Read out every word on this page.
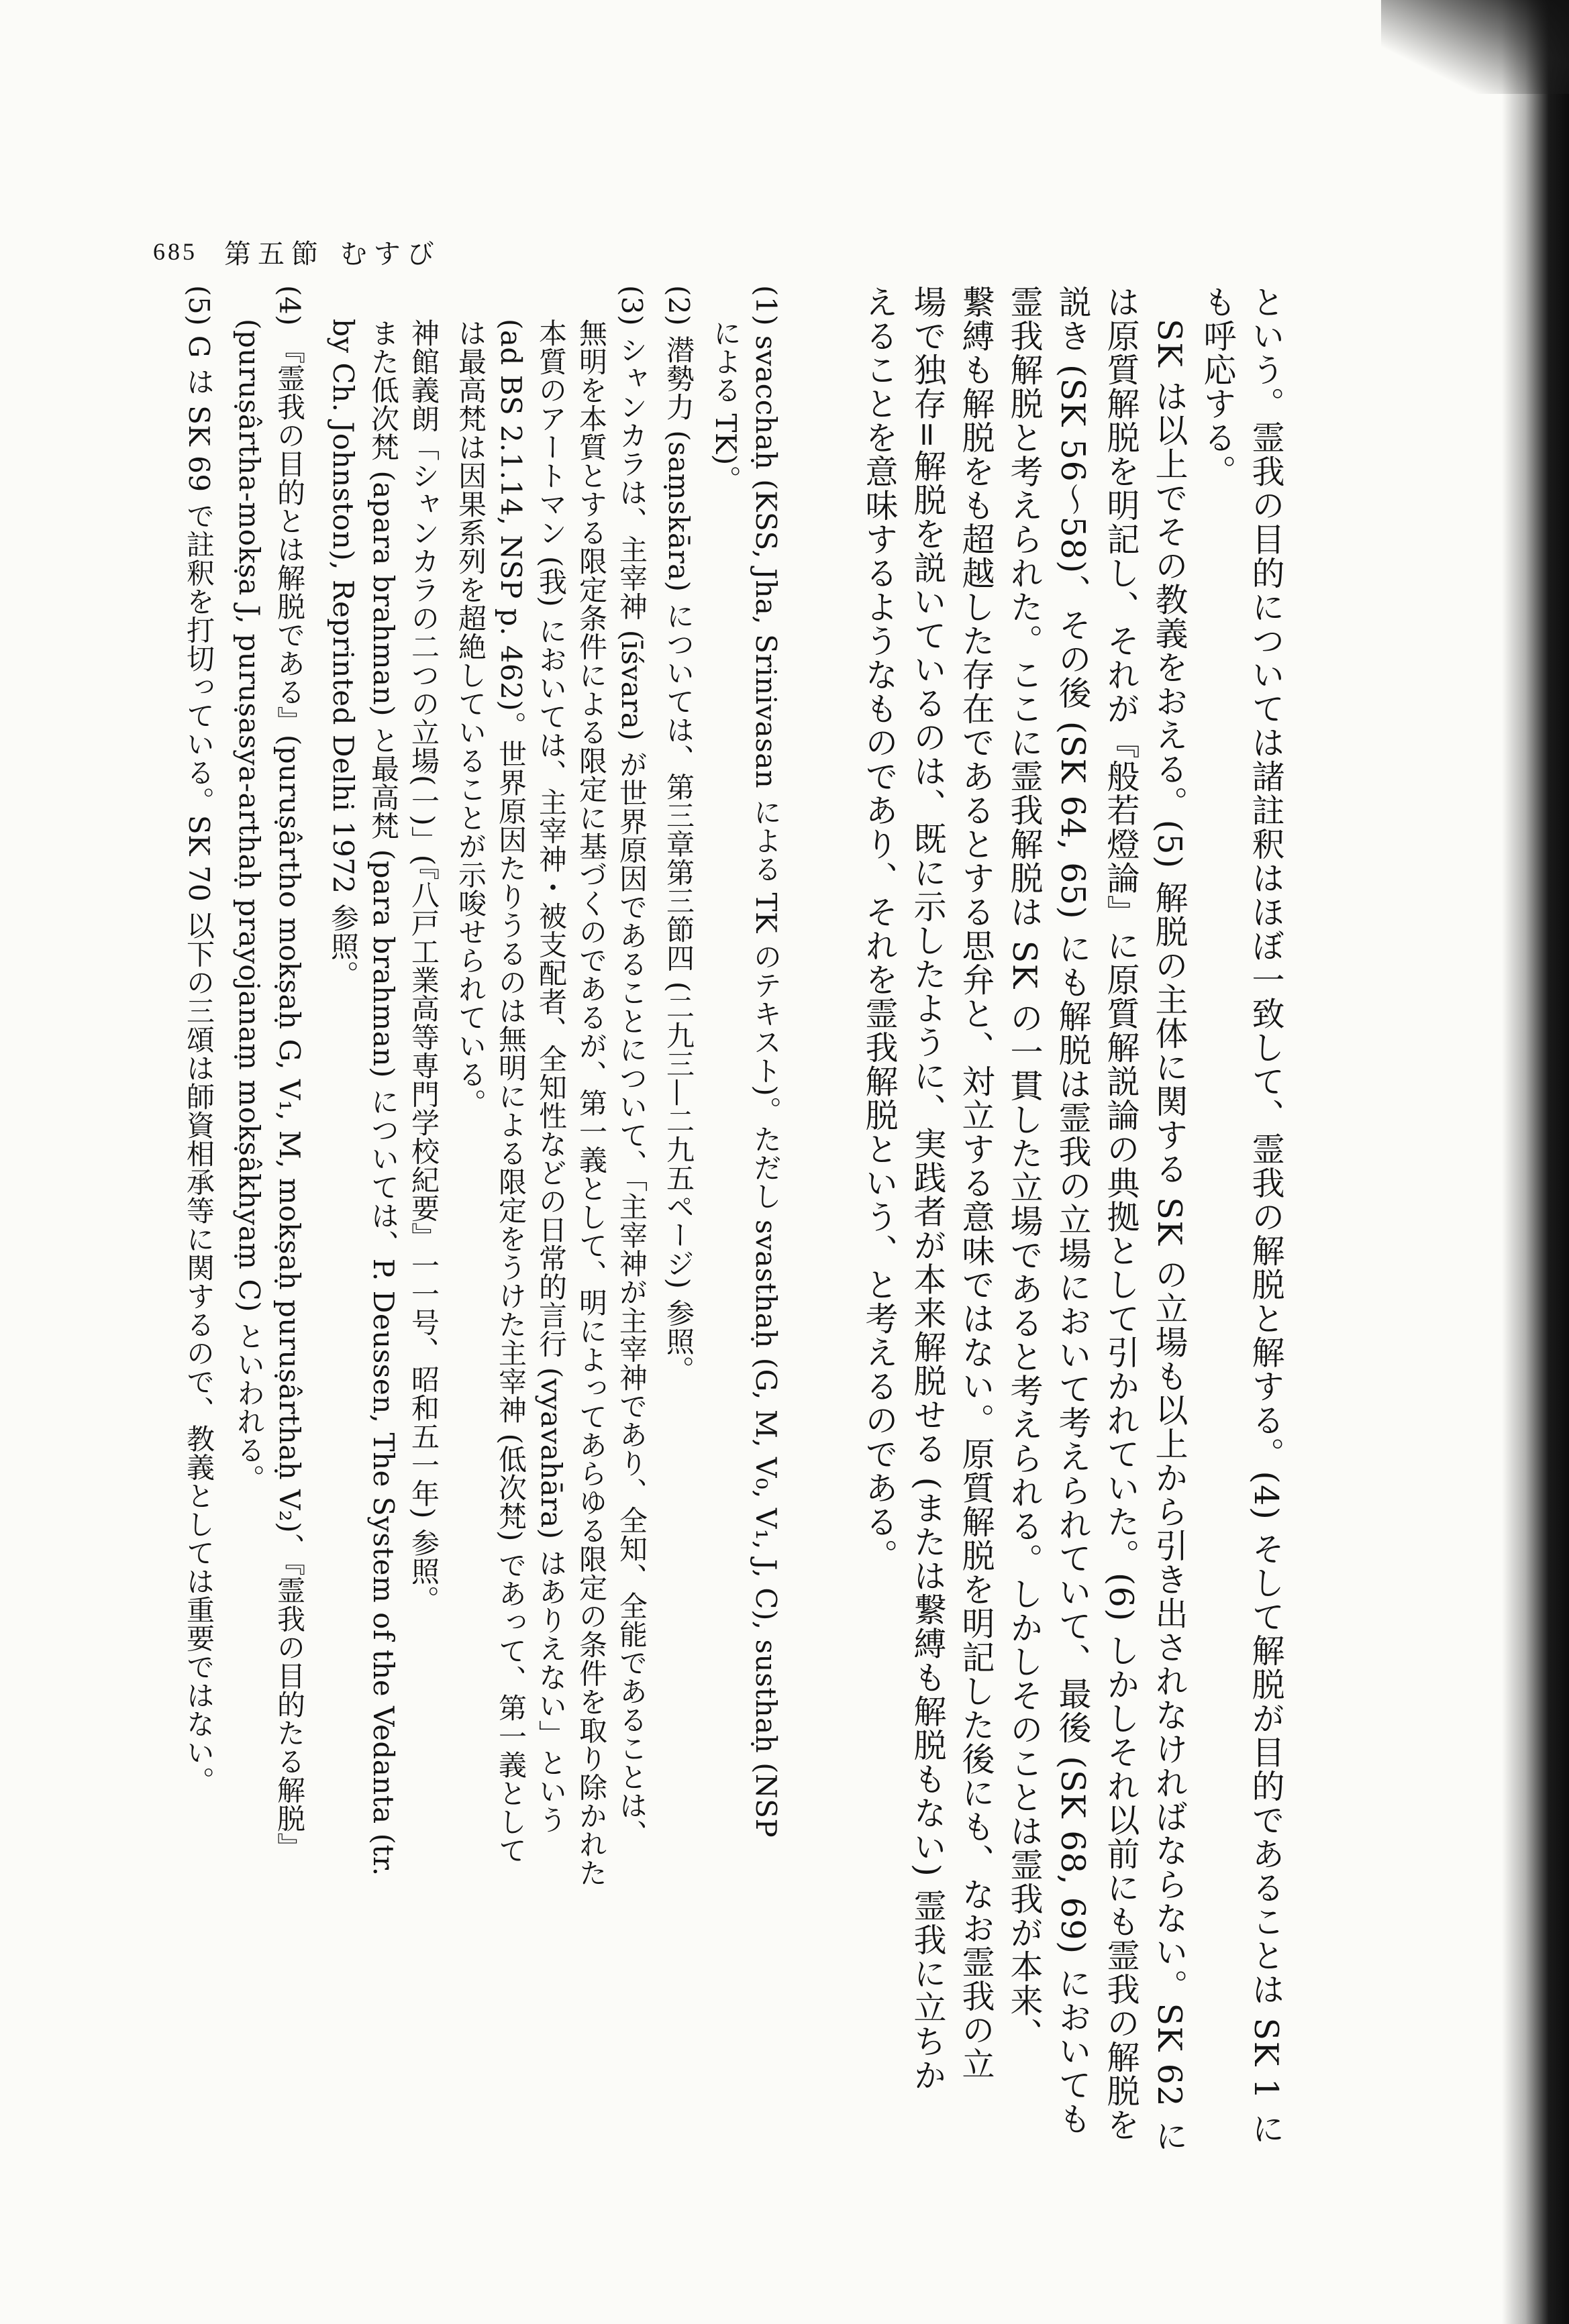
685 第五節 むすび
という。霊我の目的については諸註釈はほぼ一致して、霊我の解脱と解する。(4) そして解脱が目的であることは SK 1 に
も呼応する。
SK は以上でその教義をおえる。(5) 解脱の主体に関する SK の立場も以上から引き出されなければならない。SK 62 に
は原質解脱を明記し、それが『般若燈論』に原質解説論の典拠として引かれていた。(6) しかしそれ以前にも霊我の解脱を
説き (SK 56〜58)、その後 (SK 64, 65) にも解脱は霊我の立場において考えられていて、最後 (SK 68, 69) においても
霊我解脱と考えられた。ここに霊我解脱は SK の一貫した立場であると考えられる。しかしそのことは霊我が本来、
繋縛も解脱をも超越した存在であるとする思弁と、対立する意味ではない。原質解脱を明記した後にも、なお霊我の立
場で独存=解脱を説いているのは、既に示したように、実践者が本来解脱せる (または繋縛も解脱もない) 霊我に立ちか
えることを意味するようなものであり、それを霊我解脱という、と考えるのである。
(1) svacchaḥ (KSS, Jha, Srinivasan による TK のテキスト)。ただし svasthaḥ (G, M, V₀, V₁, J, C), susthaḥ (NSP
による TK)。
(2) 潜勢力 (saṃskāra) については、第三章第三節四 (二九三—二九五ページ) 参照。
(3) シャンカラは、主宰神 (īśvara) が世界原因であることについて、「主宰神が主宰神であり、全知、全能であることは、
無明を本質とする限定条件による限定に基づくのであるが、第一義として、明によってあらゆる限定の条件を取り除かれた
本質のアートマン (我) においては、主宰神・被支配者、全知性などの日常的言行 (vyavahāra) はありえない」という
(ad BS 2.1.14, NSP p. 462)。世界原因たりうるのは無明による限定をうけた主宰神 (低次梵) であって、第一義として
は最高梵は因果系列を超絶していることが示唆せられている。
神館義朗「シャンカラの二つの立場(一)」(『八戸工業高等専門学校紀要』一一号、昭和五一年) 参照。
また低次梵 (apara brahman) と最高梵 (para brahman) については、P. Deussen, The System of the Vedanta (tr.
by Ch. Johnston), Reprinted Delhi 1972 参照。
(4) 『霊我の目的とは解脱である』(puruṣârtho mokṣaḥ G, V₁, M, mokṣaḥ puruṣârthaḥ V₂)、『霊我の目的たる解脱』
(puruṣârtha-mokṣa J, puruṣasya-arthaḥ prayojanaṃ mokṣâkhyaṃ C) といわれる。
(5) G は SK 69 で註釈を打切っている。SK 70 以下の三頌は師資相承等に関するので、教義としては重要ではない。
